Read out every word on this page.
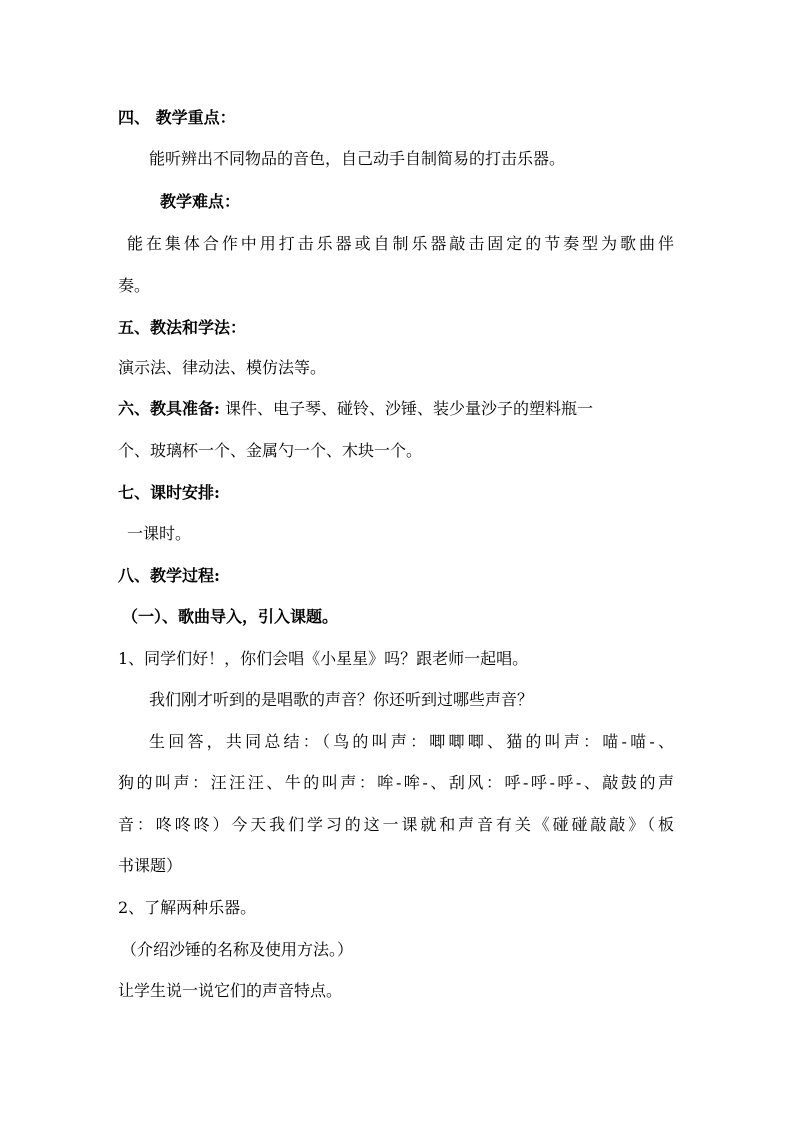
四、 教学重点：
能听辨出不同物品的音色，自己动手自制简易的打击乐器。
教学难点：
能在集体合作中用打击乐器或自制乐器敲击固定的节奏型为歌曲伴
奏。
五、教法和学法：
演示法、律动法、模仿法等。
六、教具准备: 课件、电子琴、碰铃、沙锤、装少量沙子的塑料瓶一
个、玻璃杯一个、金属勺一个、木块一个。
七、课时安排:
一课时。
八、教学过程:
（一）、歌曲导入，引入课题。
1、同学们好！，你们会唱《小星星》吗？跟老师一起唱。
我们刚才听到的是唱歌的声音？你还听到过哪些声音？
生回答，共同总结：（鸟的叫声：唧唧唧、猫的叫声：喵-喵-、
狗的叫声：汪汪汪、牛的叫声：哞-哞-、刮风：呼-呼-呼-、敲鼓的声
音：咚咚咚）今天我们学习的这一课就和声音有关《碰碰敲敲》（板
书课题）
2、了解两种乐器。
（介绍沙锤的名称及使用方法。）
让学生说一说它们的声音特点。
